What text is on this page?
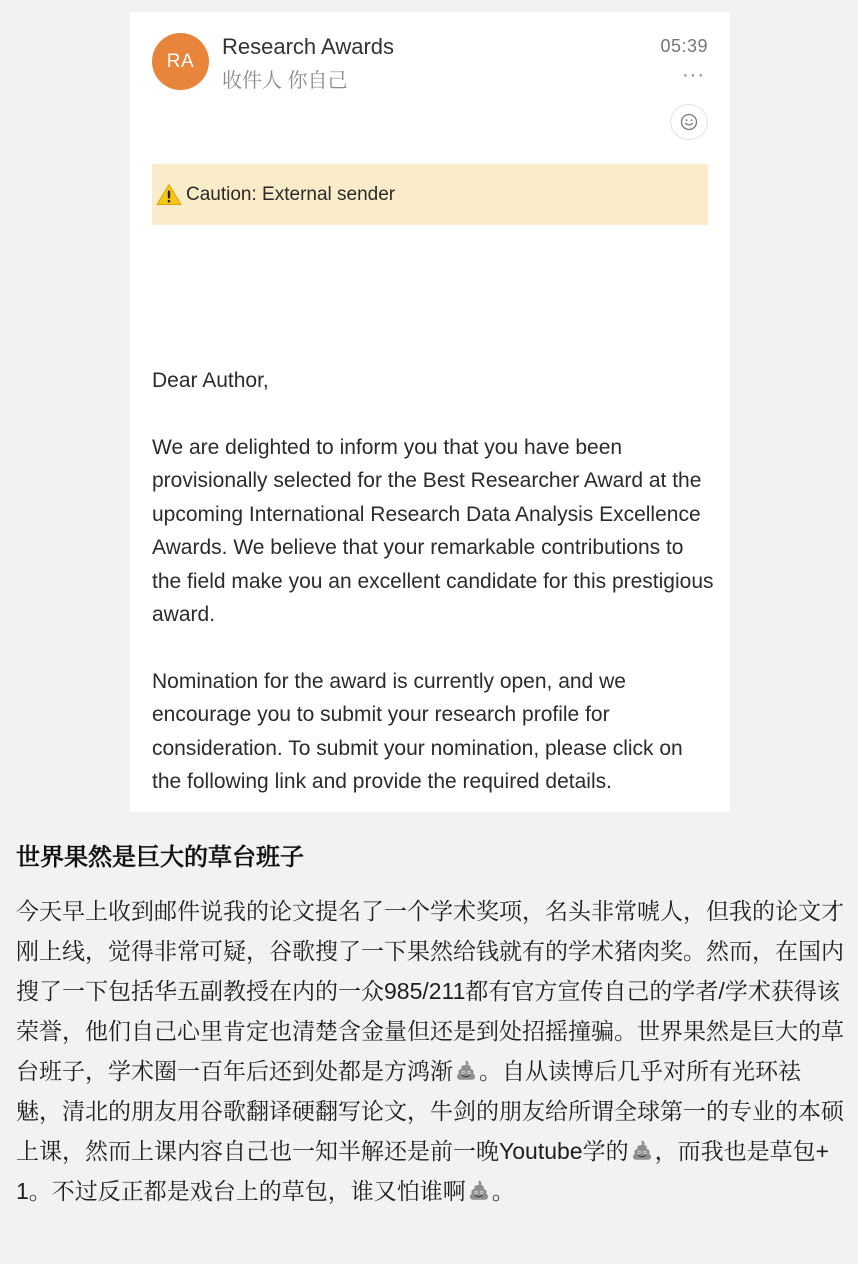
RA
Research Awards
收件人 你自己
05:39
···
Caution: External sender

Dear Author,

We are delighted to inform you that you have been provisionally selected for the Best Researcher Award at the upcoming International Research Data Analysis Excellence Awards. We believe that your remarkable contributions to the field make you an excellent candidate for this prestigious award.

Nomination for the award is currently open, and we encourage you to submit your research profile for consideration. To submit your nomination, please click on the following link and provide the required details.

世界果然是巨大的草台班子
今天早上收到邮件说我的论文提名了一个学术奖项，名头非常唬人，但我的论文才刚上线，觉得非常可疑，谷歌搜了一下果然给钱就有的学术猪肉奖。然而，在国内搜了一下包括华五副教授在内的一众985/211都有官方宣传自己的学者/学术获得该荣誉，他们自己心里肯定也清楚含金量但还是到处招摇撞骗。世界果然是巨大的草台班子，学术圈一百年后还到处都是方鸿渐 。自从读博后几乎对所有光环祛魅，清北的朋友用谷歌翻译硬翻写论文，牛剑的朋友给所谓全球第一的专业的本硕上课，然而上课内容自己也一知半解还是前一晚Youtube学的 ，而我也是草包+1。不过反正都是戏台上的草包，谁又怕谁啊 。
